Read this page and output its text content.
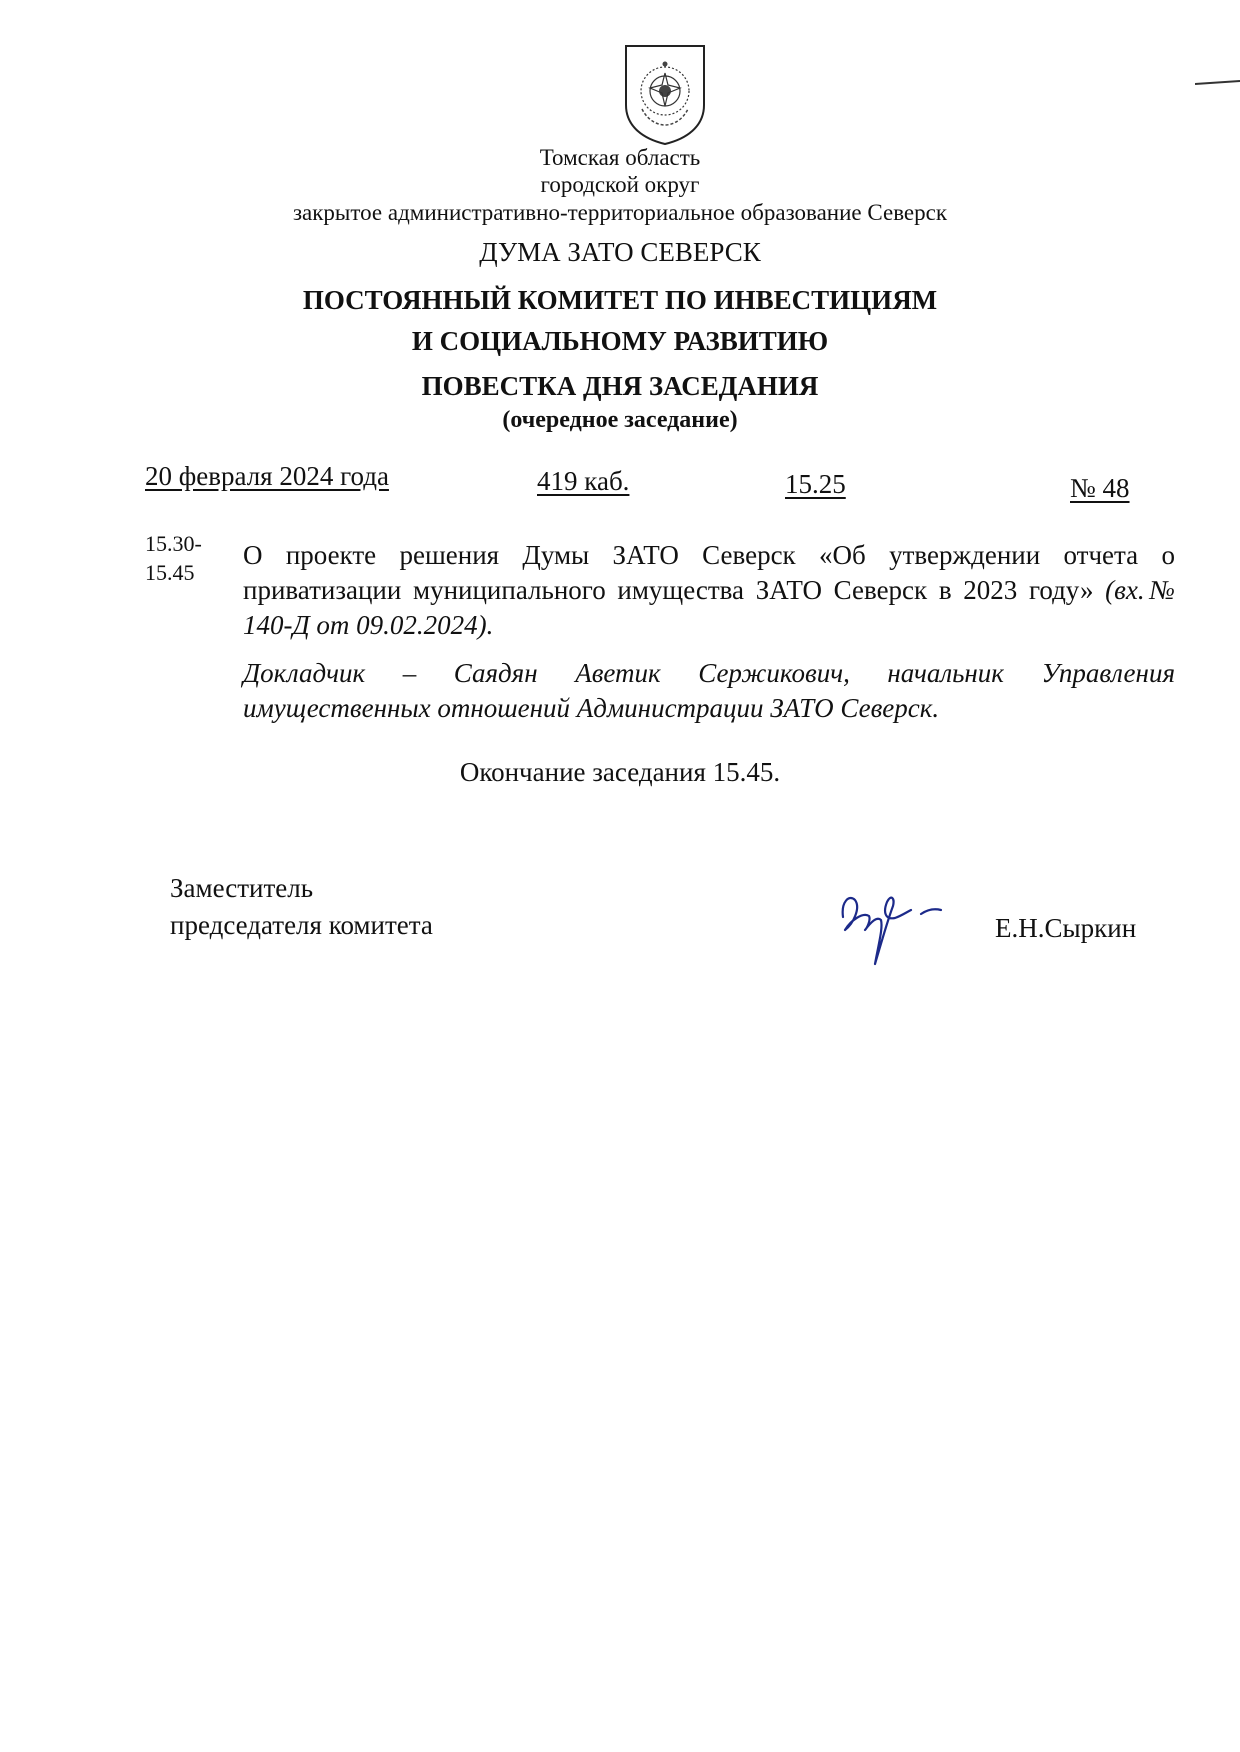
Томская область
городской округ
закрытое административно-территориальное образование Северск
ДУМА ЗАТО СЕВЕРСК
ПОСТОЯННЫЙ КОМИТЕТ ПО ИНВЕСТИЦИЯМ
И СОЦИАЛЬНОМУ РАЗВИТИЮ
ПОВЕСТКА ДНЯ ЗАСЕДАНИЯ
(очередное заседание)
20 февраля 2024 года	419 каб.	15.25	№ 48
15.30-
15.45
О проекте решения Думы ЗАТО Северск «Об утверждении отчета о приватизации муниципального имущества ЗАТО Северск в 2023 году» (вх.№ 140-Д от 09.02.2024).
Докладчик – Саядян Аветик Сержикович, начальник Управления имущественных отношений Администрации ЗАТО Северск.
Окончание заседания 15.45.
Заместитель
председателя комитета	Е.Н.Сыркин
